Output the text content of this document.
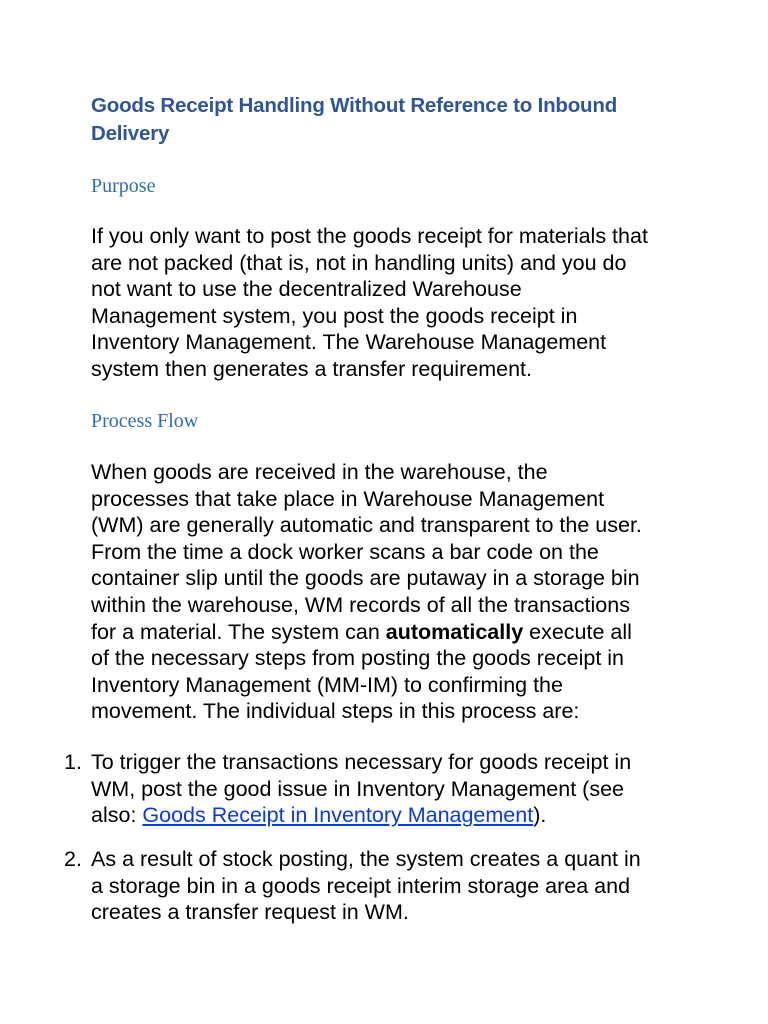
Goods Receipt Handling Without Reference to Inbound
Delivery
Purpose

If you only want to post the goods receipt for materials that
are not packed (that is, not in handling units) and you do
not want to use the decentralized Warehouse
Management system, you post the goods receipt in
Inventory Management. The Warehouse Management
system then generates a transfer requirement.

Process Flow

When goods are received in the warehouse, the
processes that take place in Warehouse Management
(WM) are generally automatic and transparent to the user.
From the time a dock worker scans a bar code on the
container slip until the goods are putaway in a storage bin
within the warehouse, WM records of all the transactions
for a material. The system can automatically execute all
of the necessary steps from posting the goods receipt in
Inventory Management (MM-IM) to confirming the
movement. The individual steps in this process are:

1. To trigger the transactions necessary for goods receipt in
WM, post the good issue in Inventory Management (see
also: Goods Receipt in Inventory Management).
2. As a result of stock posting, the system creates a quant in
a storage bin in a goods receipt interim storage area and
creates a transfer request in WM.
